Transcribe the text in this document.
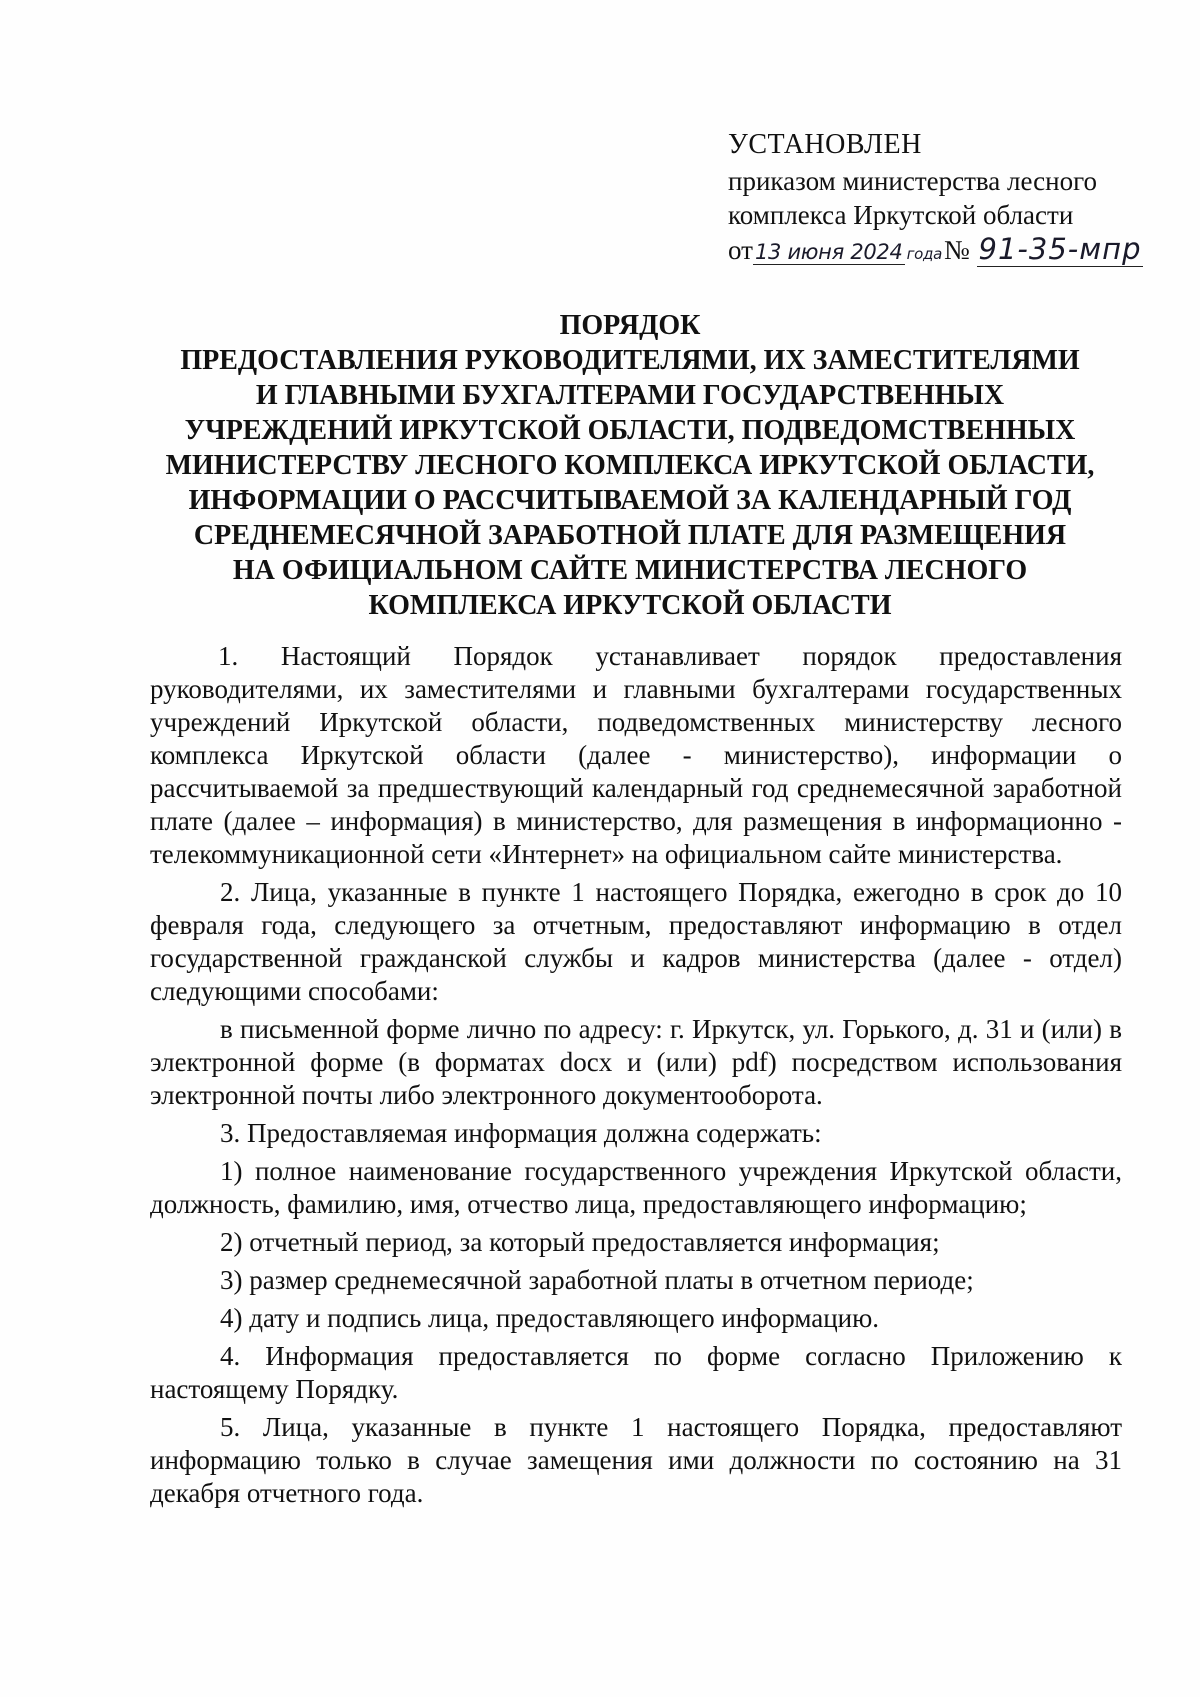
УСТАНОВЛЕН
приказом министерства лесного
комплекса Иркутской области
от13 июня 2024 года№ 91-35-мпр
ПОРЯДОК
ПРЕДОСТАВЛЕНИЯ РУКОВОДИТЕЛЯМИ, ИХ ЗАМЕСТИТЕЛЯМИ
И ГЛАВНЫМИ БУХГАЛТЕРАМИ ГОСУДАРСТВЕННЫХ
УЧРЕЖДЕНИЙ ИРКУТСКОЙ ОБЛАСТИ, ПОДВЕДОМСТВЕННЫХ
МИНИСТЕРСТВУ ЛЕСНОГО КОМПЛЕКСА ИРКУТСКОЙ ОБЛАСТИ,
ИНФОРМАЦИИ О РАССЧИТЫВАЕМОЙ ЗА КАЛЕНДАРНЫЙ ГОД
СРЕДНЕМЕСЯЧНОЙ ЗАРАБОТНОЙ ПЛАТЕ ДЛЯ РАЗМЕЩЕНИЯ
НА ОФИЦИАЛЬНОМ САЙТЕ МИНИСТЕРСТВА ЛЕСНОГО
КОМПЛЕКСА ИРКУТСКОЙ ОБЛАСТИ

1. Настоящий Порядок устанавливает порядок предоставления руководителями, их заместителями и главными бухгалтерами государственных учреждений Иркутской области, подведомственных министерству лесного комплекса Иркутской области (далее - министерство), информации о рассчитываемой за предшествующий календарный год среднемесячной заработной плате (далее – информация) в министерство, для размещения в информационно - телекоммуникационной сети «Интернет» на официальном сайте министерства.

2. Лица, указанные в пункте 1 настоящего Порядка, ежегодно в срок до 10 февраля года, следующего за отчетным, предоставляют информацию в отдел государственной гражданской службы и кадров министерства (далее - отдел) следующими способами:

в письменной форме лично по адресу: г. Иркутск, ул. Горького, д. 31 и (или) в электронной форме (в форматах docx и (или) pdf) посредством использования электронной почты либо электронного документооборота.

3. Предоставляемая информация должна содержать:

1) полное наименование государственного учреждения Иркутской области, должность, фамилию, имя, отчество лица, предоставляющего информацию;

2) отчетный период, за который предоставляется информация;

3) размер среднемесячной заработной платы в отчетном периоде;

4) дату и подпись лица, предоставляющего информацию.

4. Информация предоставляется по форме согласно Приложению к настоящему Порядку.

5. Лица, указанные в пункте 1 настоящего Порядка, предоставляют информацию только в случае замещения ими должности по состоянию на 31 декабря отчетного года.
